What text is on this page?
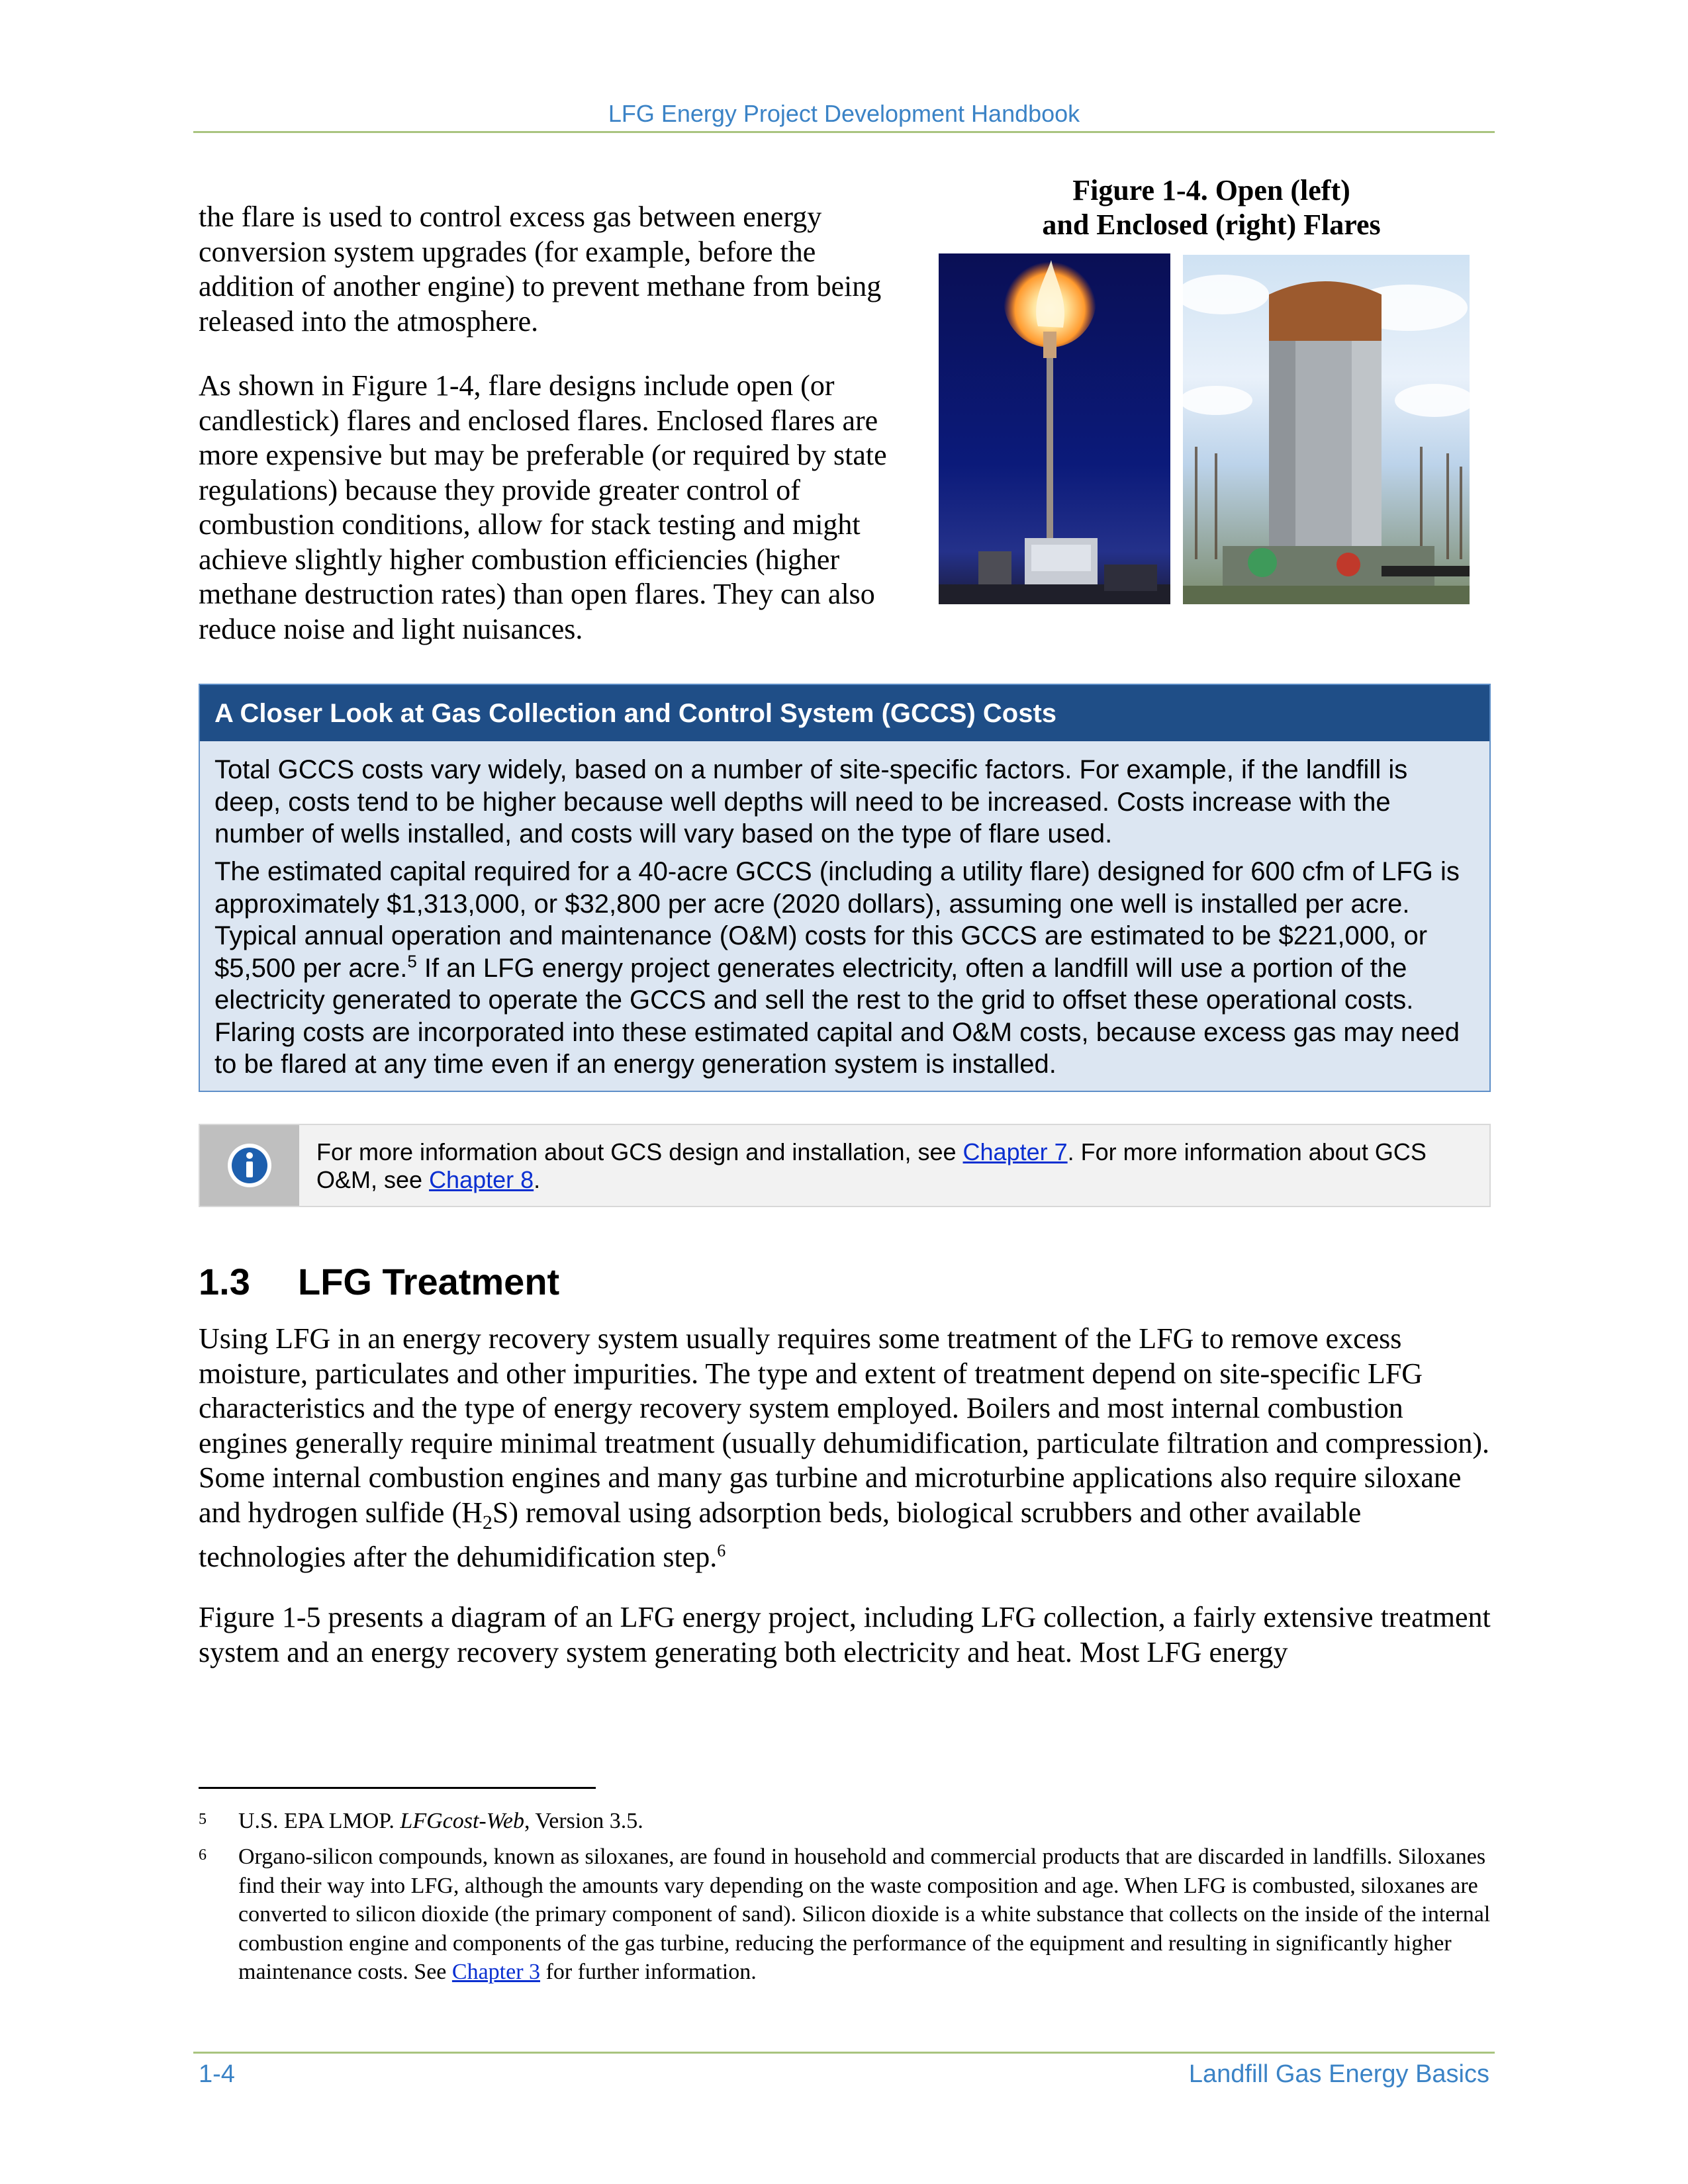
LFG Energy Project Development Handbook
the flare is used to control excess gas between energy conversion system upgrades (for example, before the addition of another engine) to prevent methane from being released into the atmosphere.
As shown in Figure 1-4, flare designs include open (or candlestick) flares and enclosed flares. Enclosed flares are more expensive but may be preferable (or required by state regulations) because they provide greater control of combustion conditions, allow for stack testing and might achieve slightly higher combustion efficiencies (higher methane destruction rates) than open flares. They can also reduce noise and light nuisances.
Figure 1-4. Open (left)
and Enclosed (right) Flares
A Closer Look at Gas Collection and Control System (GCCS) Costs
Total GCCS costs vary widely, based on a number of site-specific factors. For example, if the landfill is deep, costs tend to be higher because well depths will need to be increased. Costs increase with the number of wells installed, and costs will vary based on the type of flare used.
The estimated capital required for a 40-acre GCCS (including a utility flare) designed for 600 cfm of LFG is approximately $1,313,000, or $32,800 per acre (2020 dollars), assuming one well is installed per acre. Typical annual operation and maintenance (O&M) costs for this GCCS are estimated to be $221,000, or $5,500 per acre.$^5$ If an LFG energy project generates electricity, often a landfill will use a portion of the electricity generated to operate the GCCS and sell the rest to the grid to offset these operational costs. Flaring costs are incorporated into these estimated capital and O&M costs, because excess gas may need to be flared at any time even if an energy generation system is installed.
For more information about GCS design and installation, see Chapter 7. For more information about GCS O&M, see Chapter 8.
1.3 LFG Treatment
Using LFG in an energy recovery system usually requires some treatment of the LFG to remove excess moisture, particulates and other impurities. The type and extent of treatment depend on site-specific LFG characteristics and the type of energy recovery system employed. Boilers and most internal combustion engines generally require minimal treatment (usually dehumidification, particulate filtration and compression). Some internal combustion engines and many gas turbine and microturbine applications also require siloxane and hydrogen sulfide $(H_2S)$ removal using adsorption beds, biological scrubbers and other available technologies after the dehumidification step.$^6$
Figure 1-5 presents a diagram of an LFG energy project, including LFG collection, a fairly extensive treatment system and an energy recovery system generating both electricity and heat. Most LFG energy
5 U.S. EPA LMOP. LFGcost-Web, Version 3.5.
6 Organo-silicon compounds, known as siloxanes, are found in household and commercial products that are discarded in landfills. Siloxanes find their way into LFG, although the amounts vary depending on the waste composition and age. When LFG is combusted, siloxanes are converted to silicon dioxide (the primary component of sand). Silicon dioxide is a white substance that collects on the inside of the internal combustion engine and components of the gas turbine, reducing the performance of the equipment and resulting in significantly higher maintenance costs. See Chapter 3 for further information.
1-4	Landfill Gas Energy Basics
